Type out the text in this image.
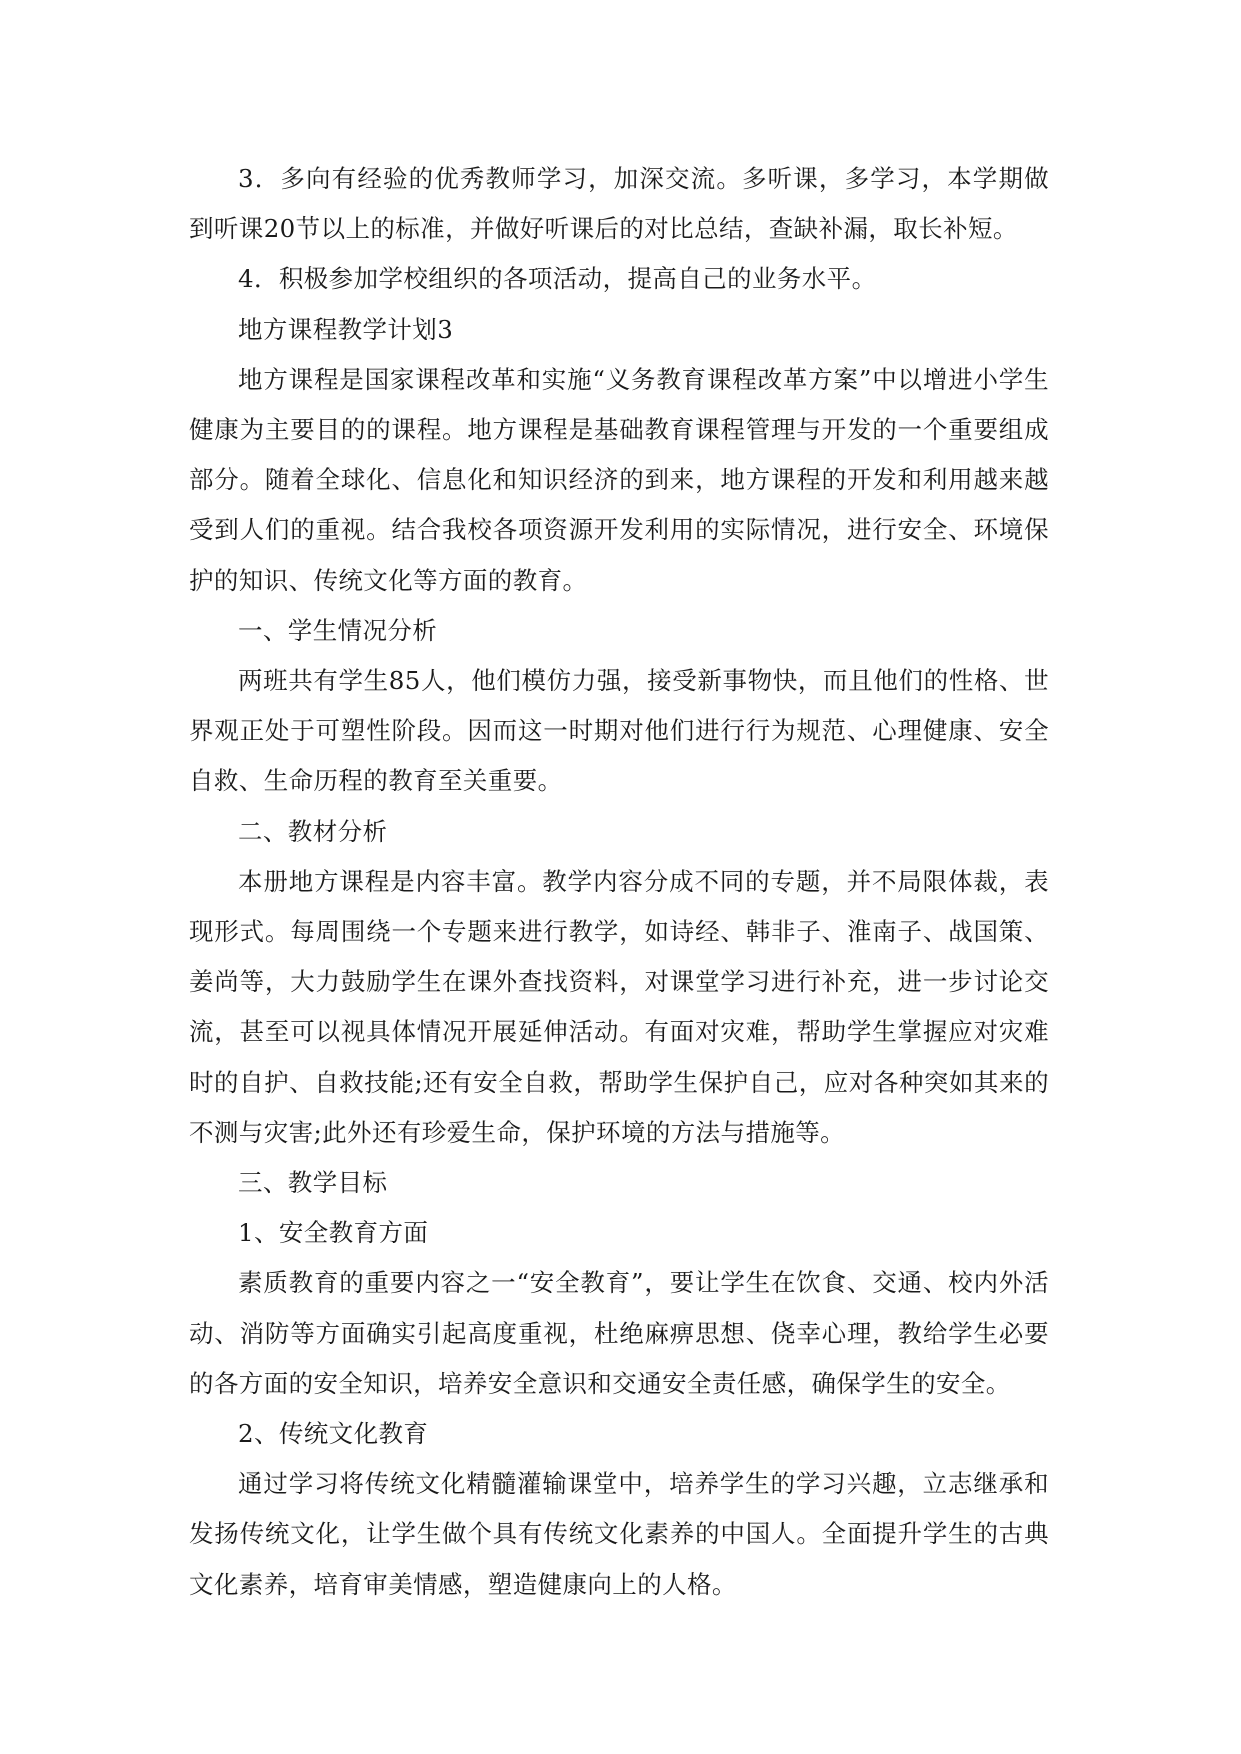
3．多向有经验的优秀教师学习，加深交流。多听课，多学习，本学期做到听课20节以上的标准，并做好听课后的对比总结，查缺补漏，取长补短。

4．积极参加学校组织的各项活动，提高自己的业务水平。

地方课程教学计划3

地方课程是国家课程改革和实施“义务教育课程改革方案”中以增进小学生健康为主要目的的课程。地方课程是基础教育课程管理与开发的一个重要组成部分。随着全球化、信息化和知识经济的到来，地方课程的开发和利用越来越受到人们的重视。结合我校各项资源开发利用的实际情况，进行安全、环境保护的知识、传统文化等方面的教育。

一、学生情况分析

两班共有学生85人，他们模仿力强，接受新事物快，而且他们的性格、世界观正处于可塑性阶段。因而这一时期对他们进行行为规范、心理健康、安全自救、生命历程的教育至关重要。

二、教材分析

本册地方课程是内容丰富。教学内容分成不同的专题，并不局限体裁，表现形式。每周围绕一个专题来进行教学，如诗经、韩非子、淮南子、战国策、姜尚等，大力鼓励学生在课外查找资料，对课堂学习进行补充，进一步讨论交流，甚至可以视具体情况开展延伸活动。有面对灾难，帮助学生掌握应对灾难时的自护、自救技能;还有安全自救，帮助学生保护自己，应对各种突如其来的不测与灾害;此外还有珍爱生命，保护环境的方法与措施等。

三、教学目标

1、安全教育方面

素质教育的重要内容之一“安全教育”，要让学生在饮食、交通、校内外活动、消防等方面确实引起高度重视，杜绝麻痹思想、侥幸心理，教给学生必要的各方面的安全知识，培养安全意识和交通安全责任感，确保学生的安全。

2、传统文化教育

通过学习将传统文化精髓灌输课堂中，培养学生的学习兴趣，立志继承和发扬传统文化，让学生做个具有传统文化素养的中国人。全面提升学生的古典文化素养，培育审美情感，塑造健康向上的人格。
